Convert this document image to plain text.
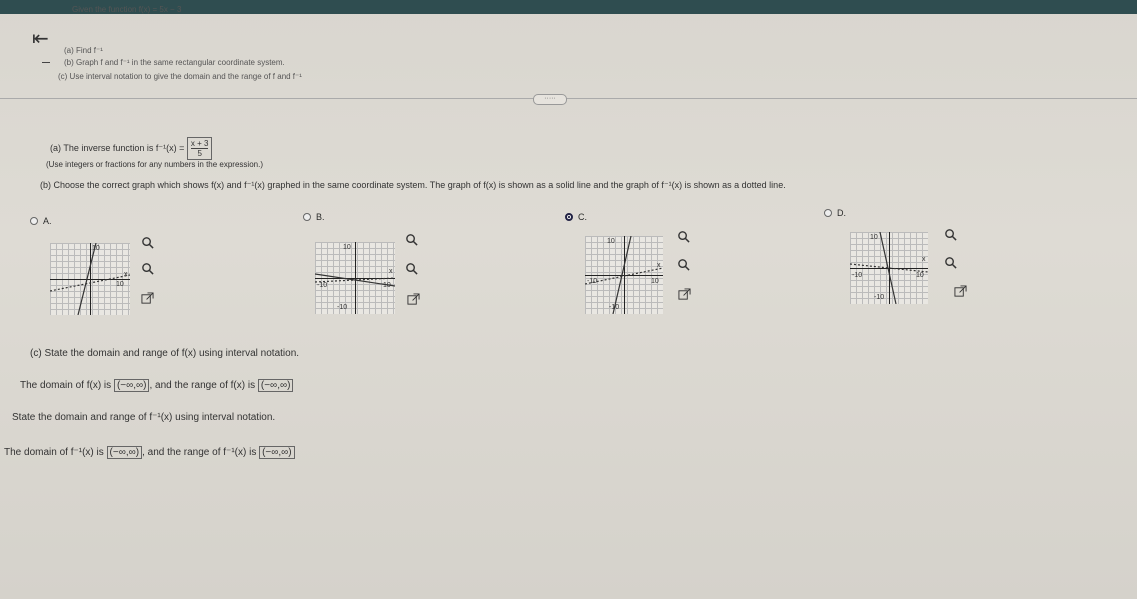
⇤
Given the function f(x) = 5x − 3
(a) Find f⁻¹
(b) Graph f and f⁻¹ in the same rectangular coordinate system.
(c) Use interval notation to give the domain and the range of f and f⁻¹
·····
(a) The inverse function is $f^{-1}(x) = \frac{x + 3}{5}$
(Use integers or fractions for any numbers in the expression.)
(b) Choose the correct graph which shows f(x) and f⁻¹(x) graphed in the same coordinate system. The graph of f(x) is shown as a solid line and the graph of f⁻¹(x) is shown as a dotted line.
A.	B.	C.	D.
10
10
x
10
-10	10
x
-10
10
-10	10
x
-10
10
-10	10
x
-10
(c) State the domain and range of f(x) using interval notation.
The domain of f(x) is (−∞,∞) , and the range of f(x) is (−∞,∞)
State the domain and range of f⁻¹(x) using interval notation.
The domain of f⁻¹(x) is (−∞,∞) , and the range of f⁻¹(x) is (−∞,∞)
